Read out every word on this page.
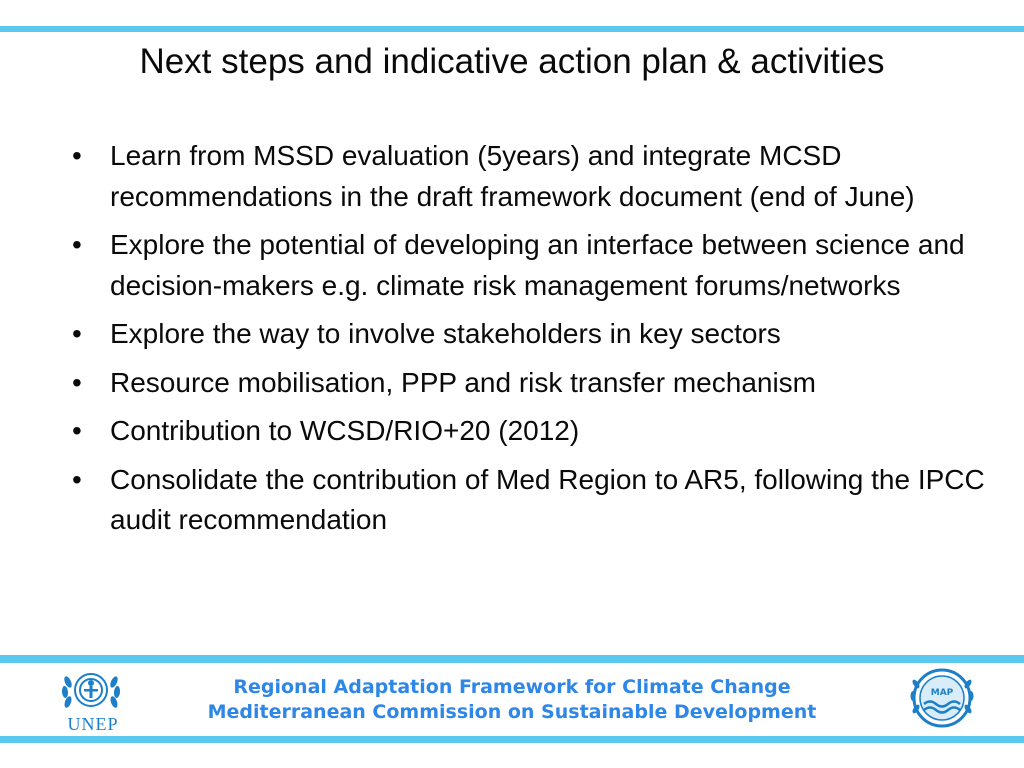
Next steps and indicative action plan & activities
• Learn from MSSD evaluation (5years) and integrate MCSD recommendations in the draft framework document (end of June)
• Explore the potential of developing an interface between science and decision-makers e.g. climate risk management forums/networks
• Explore the way to involve stakeholders in key sectors
• Resource mobilisation, PPP and risk transfer mechanism
• Contribution to WCSD/RIO+20 (2012)
• Consolidate the contribution of Med Region to AR5, following the IPCC audit recommendation
UNEP
Regional Adaptation Framework for Climate Change
Mediterranean Commission on Sustainable Development
MAP
